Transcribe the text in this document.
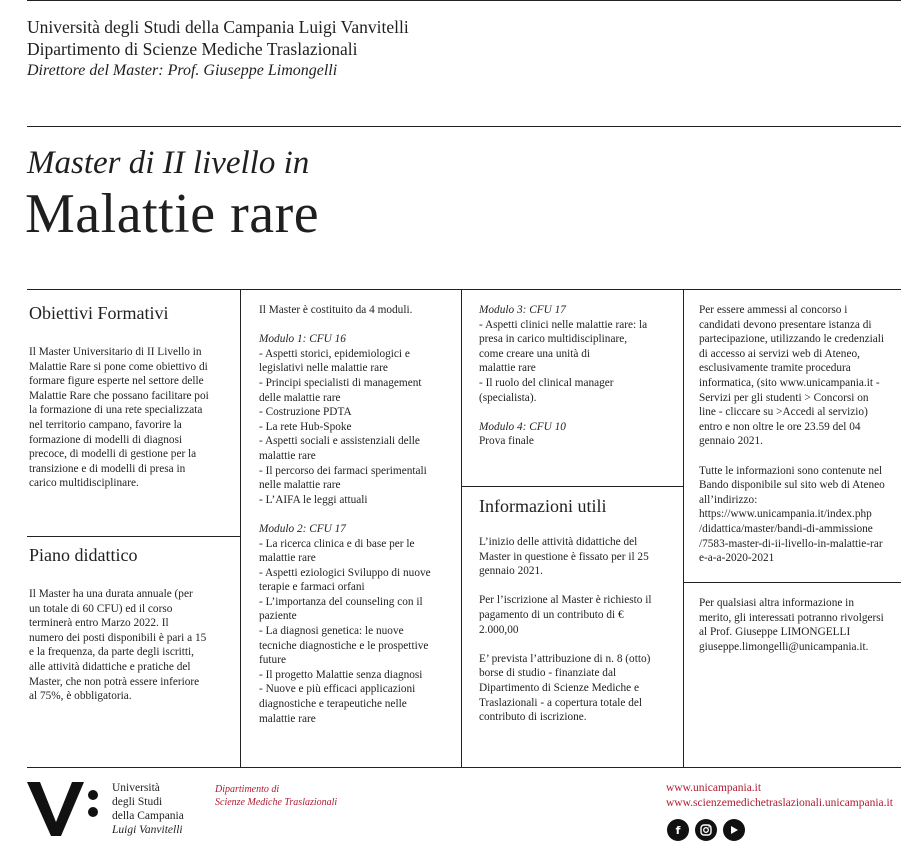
Università degli Studi della Campania Luigi Vanvitelli
Dipartimento di Scienze Mediche Traslazionali
Direttore del Master: Prof. Giuseppe Limongelli
Master di II livello in
Malattie rare
Obiettivi Formativi
Il Master Universitario di II Livello in
Malattie Rare si pone come obiettivo di
formare figure esperte nel settore delle
Malattie Rare che possano facilitare poi
la formazione di una rete specializzata
nel territorio campano, favorire la
formazione di modelli di diagnosi
precoce, di modelli di gestione per la
transizione e di modelli di presa in
carico multidisciplinare.
Piano didattico
Il Master ha una durata annuale (per
un totale di 60 CFU) ed il corso
terminerà entro Marzo 2022. Il
numero dei posti disponibili è pari a 15
e la frequenza, da parte degli iscritti,
alle attività didattiche e pratiche del
Master, che non potrà essere inferiore
al 75%, è obbligatoria.

Il Master è costituito da 4 moduli.

Modulo 1: CFU 16

- Aspetti storici, epidemiologici e
legislativi nelle malattie rare
- Principi specialisti di management
delle malattie rare
- Costruzione PDTA
- La rete Hub-Spoke
- Aspetti sociali e assistenziali delle
malattie rare
- Il percorso dei farmaci sperimentali
nelle malattie rare
- L’AIFA le leggi attuali

Modulo 2: CFU 17

- La ricerca clinica e di base per le
malattie rare
- Aspetti eziologici Sviluppo di nuove
terapie e farmaci orfani
- L’importanza del counseling con il
paziente
- La diagnosi genetica: le nuove
tecniche diagnostiche e le prospettive
future
- Il progetto Malattie senza diagnosi
- Nuove e più efficaci applicazioni
diagnostiche e terapeutiche nelle
malattie rare

Modulo 3: CFU 17

- Aspetti clinici nelle malattie rare: la
presa in carico multidisciplinare,
come creare una unità di
malattie rare
- Il ruolo del clinical manager
(specialista).

Modulo 4: CFU 10

Prova finale

Informazioni utili

L’inizio delle attività didattiche del
Master in questione è fissato per il 25
gennaio 2021.

Per l’iscrizione al Master è richiesto il
pagamento di un contributo di €
2.000,00

E’ prevista l’attribuzione di n. 8 (otto)
borse di studio - finanziate dal
Dipartimento di Scienze Mediche e
Traslazionali - a copertura totale del
contributo di iscrizione.

Per essere ammessi al concorso i
candidati devono presentare istanza di
partecipazione, utilizzando le credenziali
di accesso ai servizi web di Ateneo,
esclusivamente tramite procedura
informatica, (sito www.unicampania.it -
Servizi per gli studenti > Concorsi on
line - cliccare su >Accedi al servizio)
entro e non oltre le ore 23.59 del 04
gennaio 2021.

Tutte le informazioni sono contenute nel
Bando disponibile sul sito web di Ateneo
all’indirizzo:
https://www.unicampania.it/index.php
/didattica/master/bandi-di-ammissione
/7583-master-di-ii-livello-in-malattie-rar
e-a-a-2020-2021

Per qualsiasi altra informazione in
merito, gli interessati potranno rivolgersi
al Prof. Giuseppe LIMONGELLI
giuseppe.limongelli@unicampania.it.

Università
degli Studi
della Campania
Luigi Vanvitelli
Dipartimento di
Scienze Mediche Traslazionali
www.unicampania.it
www.scienzemedichetraslazionali.unicampania.it
f
